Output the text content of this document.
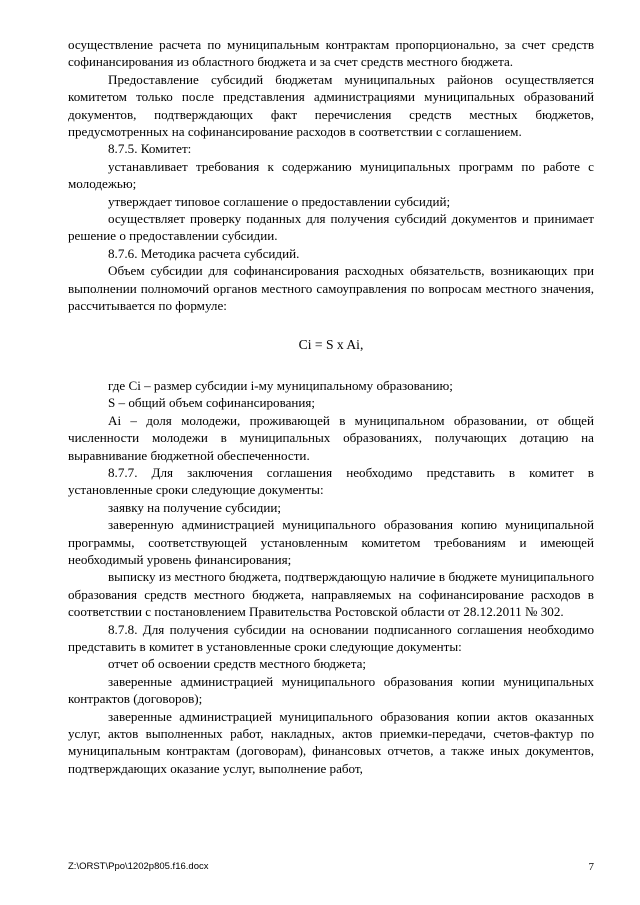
осуществление расчета по муниципальным контрактам пропорционально, за счет средств софинансирования из областного бюджета и за счет средств местного бюджета.

Предоставление субсидий бюджетам муниципальных районов осуществляется комитетом только после представления администрациями муниципальных образований документов, подтверждающих факт перечисления средств местных бюджетов, предусмотренных на софинансирование расходов в соответствии с соглашением.

8.7.5. Комитет:

устанавливает требования к содержанию муниципальных программ по работе с молодежью;

утверждает типовое соглашение о предоставлении субсидий;

осуществляет проверку поданных для получения субсидий документов и принимает решение о предоставлении субсидии.

8.7.6. Методика расчета субсидий.

Объем субсидии для софинансирования расходных обязательств, возникающих при выполнении полномочий органов местного самоуправления по вопросам местного значения, рассчитывается по формуле:

Ci = S x Ai,

где Ci – размер субсидии i-му муниципальному образованию;

S – общий объем софинансирования;

Ai – доля молодежи, проживающей в муниципальном образовании, от общей численности молодежи в муниципальных образованиях, получающих дотацию на выравнивание бюджетной обеспеченности.

8.7.7. Для заключения соглашения необходимо представить в комитет в установленные сроки следующие документы:

заявку на получение субсидии;

заверенную администрацией муниципального образования копию муниципальной программы, соответствующей установленным комитетом требованиям и имеющей необходимый уровень финансирования;

выписку из местного бюджета, подтверждающую наличие в бюджете муниципального образования средств местного бюджета, направляемых на софинансирование расходов в соответствии с постановлением Правительства Ростовской области от 28.12.2011 № 302.

8.7.8. Для получения субсидии на основании подписанного соглашения необходимо представить в комитет в установленные сроки следующие документы:

отчет об освоении средств местного бюджета;

заверенные администрацией муниципального образования копии муниципальных контрактов (договоров);

заверенные администрацией муниципального образования копии актов оказанных услуг, актов выполненных работ, накладных, актов приемки-передачи, счетов-фактур по муниципальным контрактам (договорам), финансовых отчетов, а также иных документов, подтверждающих оказание услуг, выполнение работ,

Z:\ORST\Ppo\1202p805.f16.docx	7
